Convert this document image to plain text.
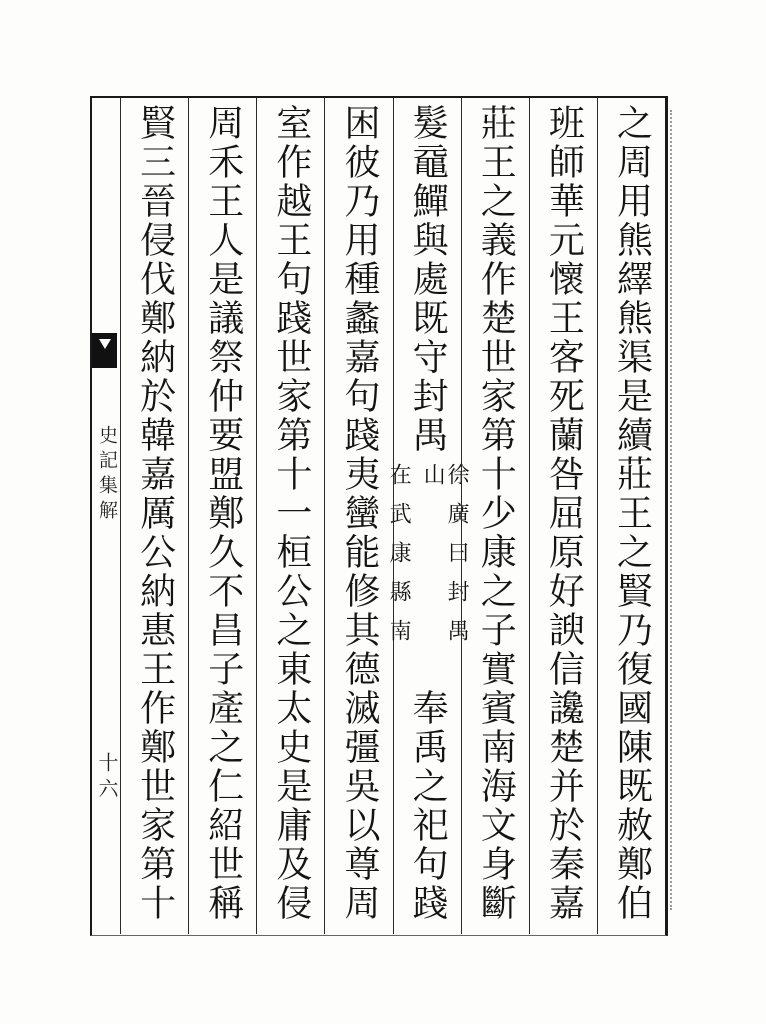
史記集解
十六	之周用熊繹熊渠是續莊王之賢乃復國陳既赦鄭伯
班師華元懷王客死蘭咎屈原好諛信讒楚并於秦嘉
莊王之義作楚世家第十少康之子實賓南海文身斷
髮黿鱓與處既守封禺
徐廣曰封禺山
在武康縣南
奉禹之祀句踐
困彼乃用種蠡嘉句踐夷蠻能修其德滅彊吳以尊周
室作越王句踐世家第十一桓公之東太史是庸及侵
周禾王人是議祭仲要盟鄭久不昌子產之仁紹世稱
賢三晉侵伐鄭納於韓嘉厲公納惠王作鄭世家第十
